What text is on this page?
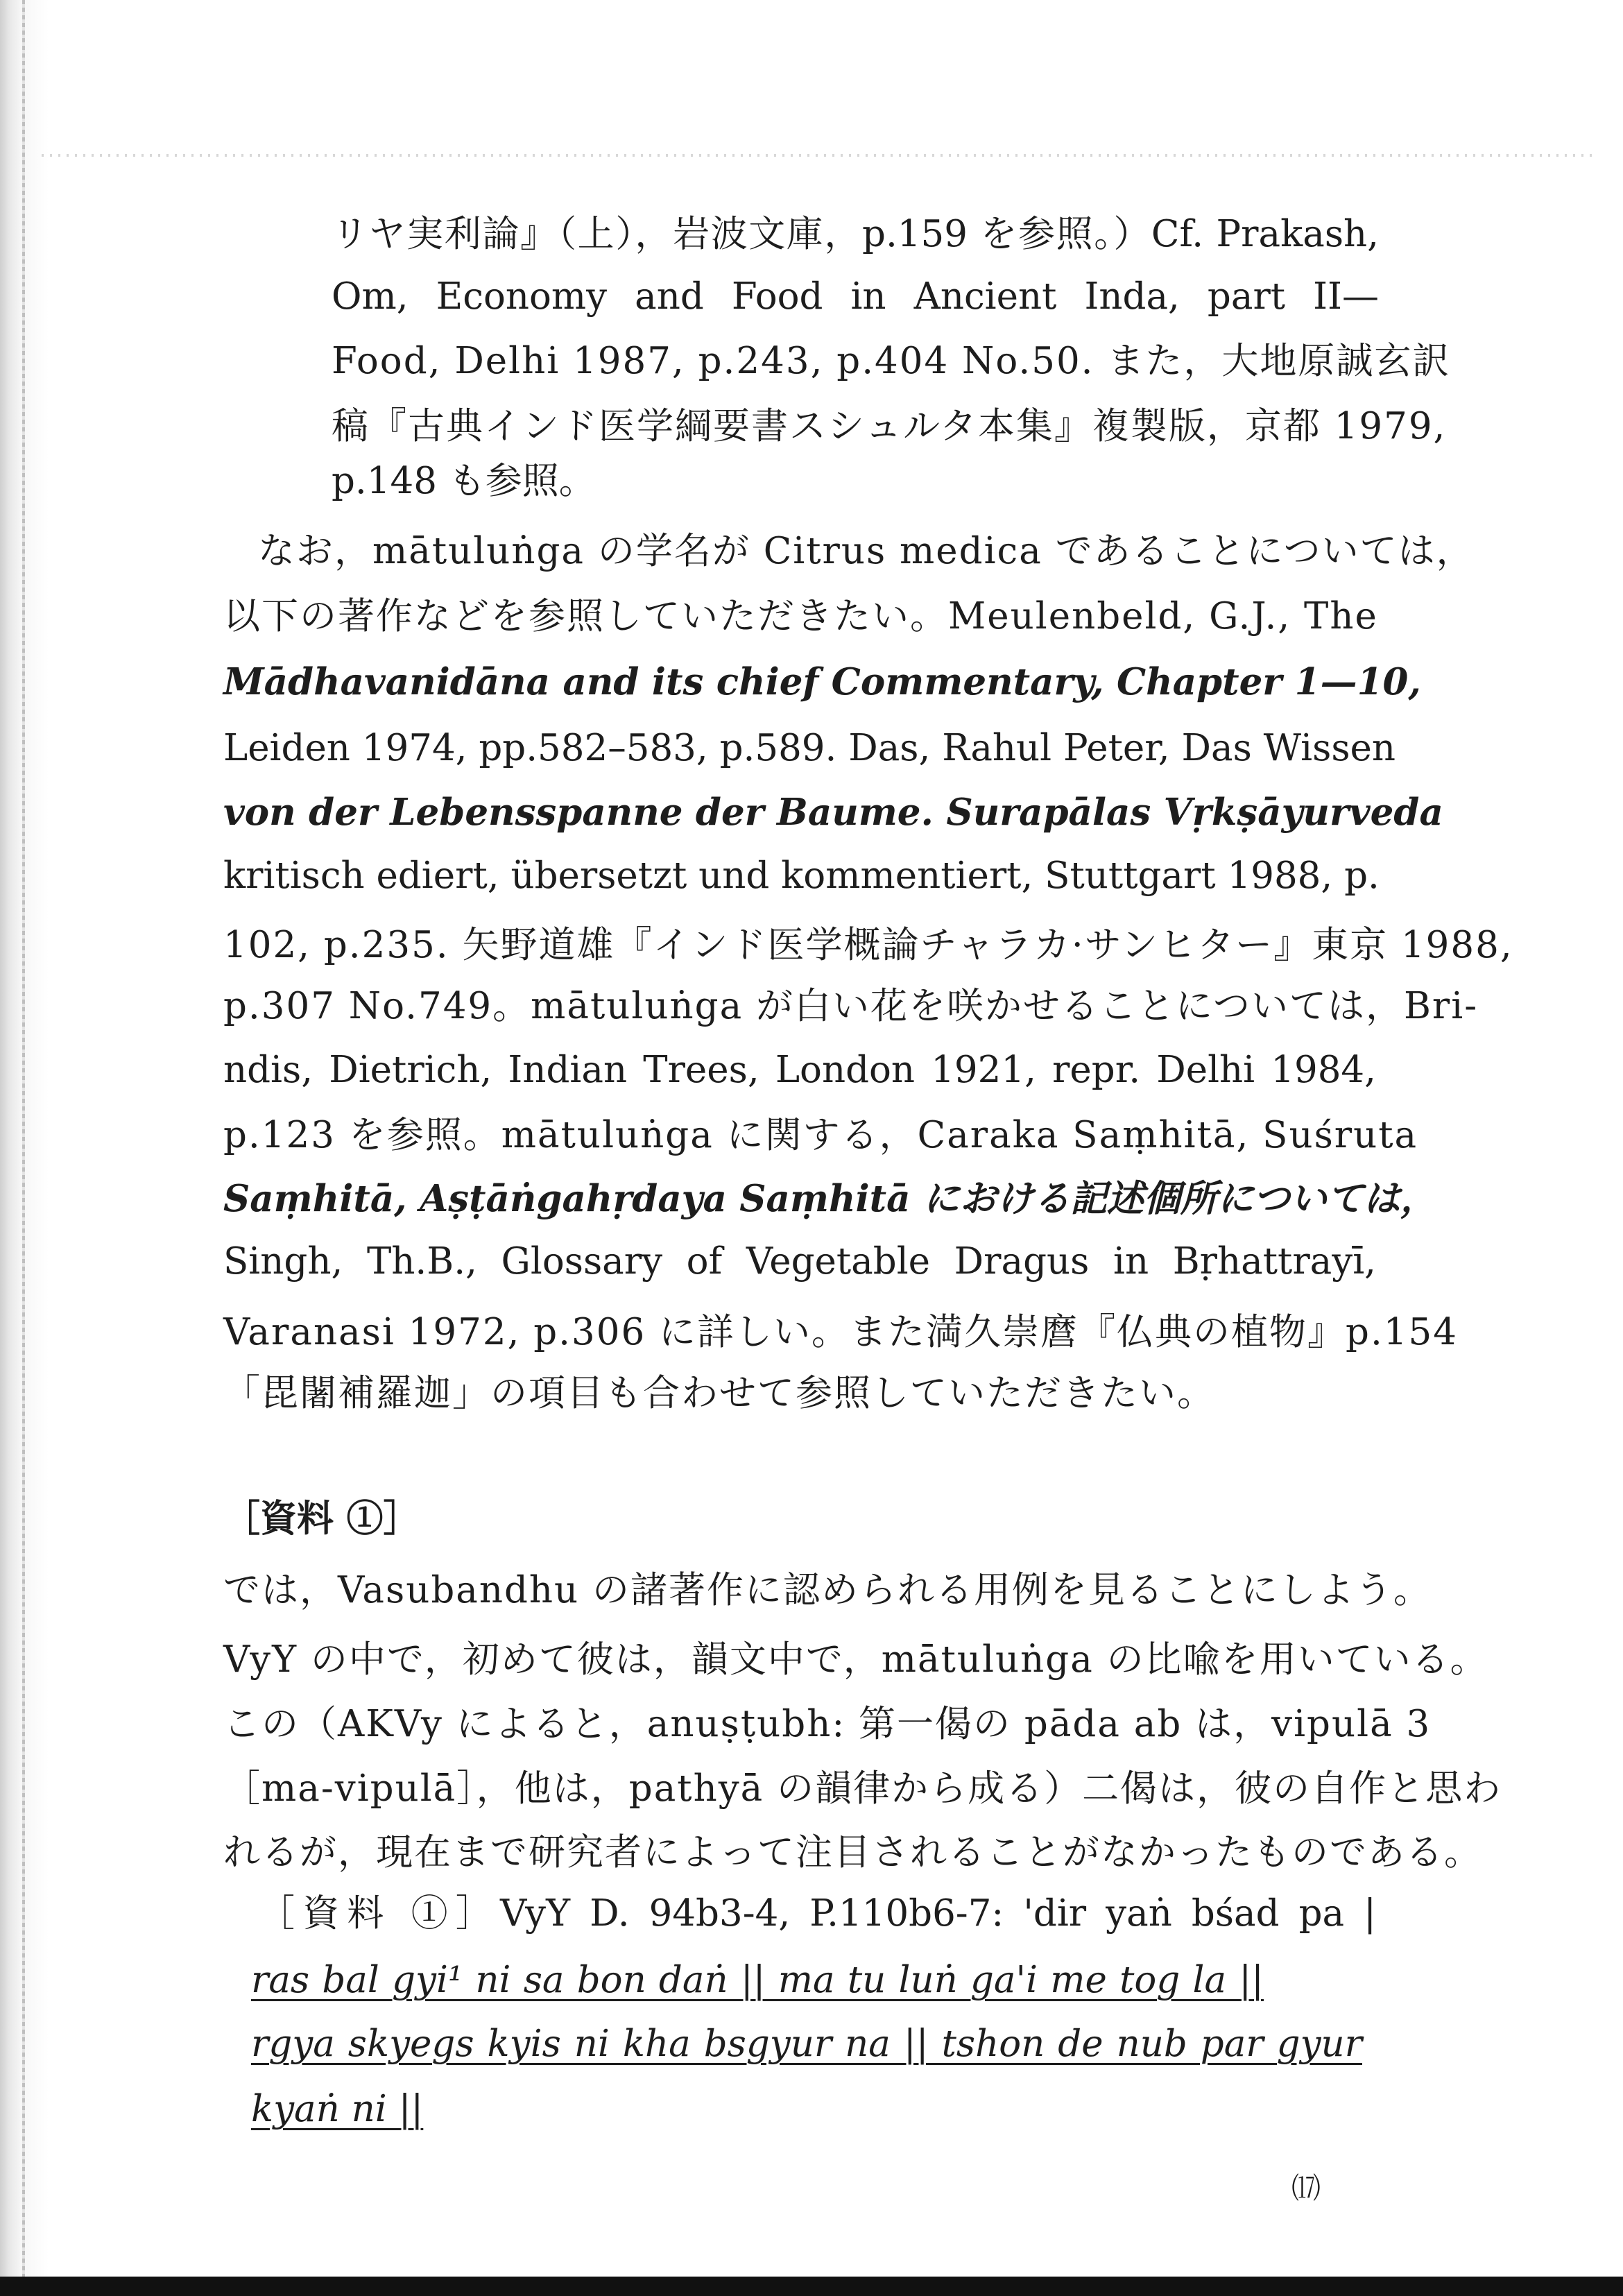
リヤ実利論』（上），岩波文庫，p.159 を参照。）Cf. Prakash,
Om, Economy and Food in Ancient Inda, part II—
Food, Delhi 1987, p.243, p.404 No.50. また，大地原誠玄訳
稿『古典インド医学綱要書スシュルタ本集』複製版，京都 1979,
p.148 も参照。
なお，mātuluṅga の学名が Citrus medica であることについては，
以下の著作などを参照していただきたい。Meulenbeld, G.J., The
Mādhavanidāna and its chief Commentary, Chapter 1—10,
Leiden 1974, pp.582–583, p.589. Das, Rahul Peter, Das Wissen
von der Lebensspanne der Baume. Surapālas Vṛkṣāyurveda
kritisch ediert, übersetzt und kommentiert, Stuttgart 1988, p.
102, p.235. 矢野道雄『インド医学概論チャラカ·サンヒター』東京 1988,
p.307 No.749。mātuluṅga が白い花を咲かせることについては，Bri-
ndis, Dietrich, Indian Trees, London 1921, repr. Delhi 1984,
p.123 を参照。mātuluṅga に関する，Caraka Saṃhitā, Suśruta
Saṃhitā, Aṣṭāṅgahṛdaya Saṃhitā における記述個所については，
Singh, Th.B., Glossary of Vegetable Dragus in Bṛhattrayī,
Varanasi 1972, p.306 に詳しい。また満久崇麿『仏典の植物』p.154
「毘闍補羅迦」の項目も合わせて参照していただきたい。
［資料 ①］
では，Vasubandhu の諸著作に認められる用例を見ることにしよう。
VyY の中で，初めて彼は，韻文中で，mātuluṅga の比喩を用いている。
この（AKVy によると，anuṣṭubh: 第一偈の pāda ab は，vipulā 3
［ma-vipulā］，他は，pathyā の韻律から成る）二偈は，彼の自作と思わ
れるが，現在まで研究者によって注目されることがなかったものである。
［資料 ①］VyY D. 94b3-4, P.110b6-7: 'dir yaṅ bśad pa |
ras bal gyi¹ ni sa bon daṅ || ma tu luṅ ga'i me tog la ||
rgya skyegs kyis ni kha bsgyur na || tshon de nub par gyur
kyaṅ ni ||
⒄
